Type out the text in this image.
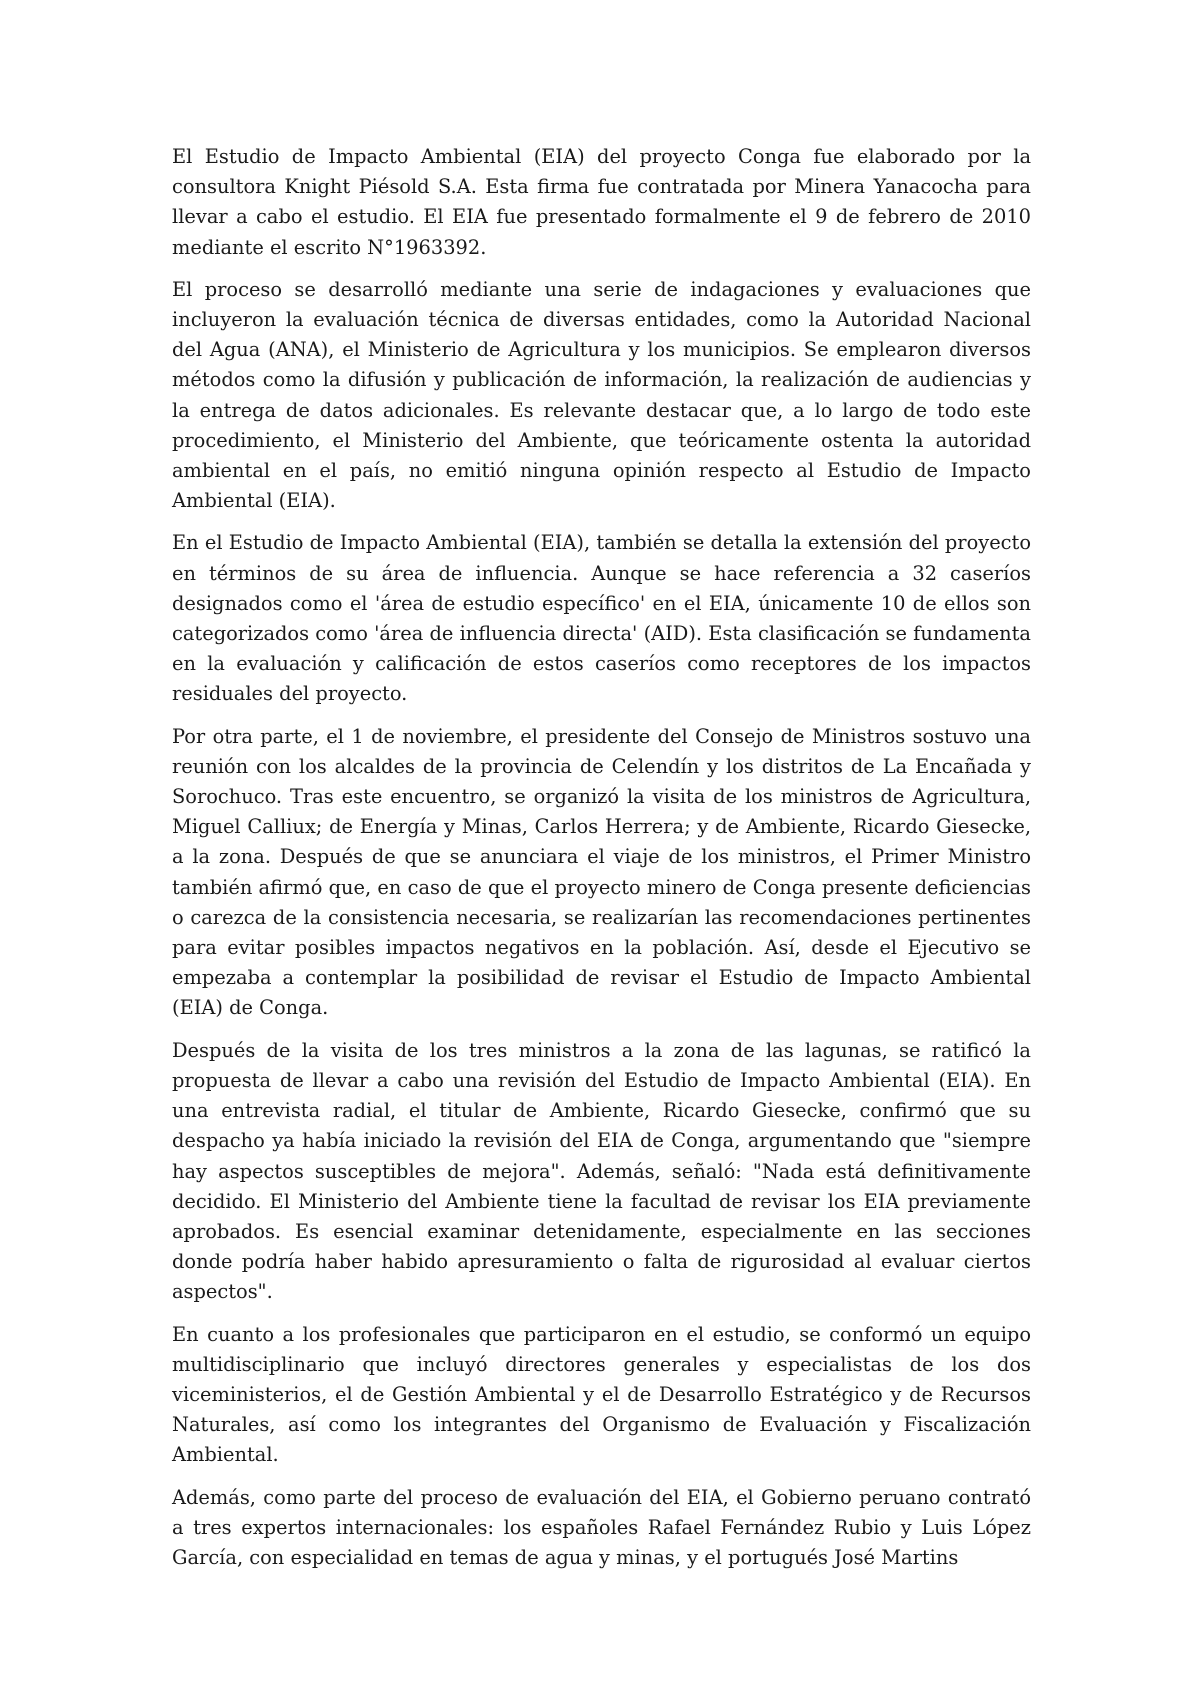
El Estudio de Impacto Ambiental (EIA) del proyecto Conga fue elaborado por la consultora Knight Piésold S.A. Esta firma fue contratada por Minera Yanacocha para llevar a cabo el estudio. El EIA fue presentado formalmente el 9 de febrero de 2010 mediante el escrito N°1963392.

El proceso se desarrolló mediante una serie de indagaciones y evaluaciones que incluyeron la evaluación técnica de diversas entidades, como la Autoridad Nacional del Agua (ANA), el Ministerio de Agricultura y los municipios. Se emplearon diversos métodos como la difusión y publicación de información, la realización de audiencias y la entrega de datos adicionales. Es relevante destacar que, a lo largo de todo este procedimiento, el Ministerio del Ambiente, que teóricamente ostenta la autoridad ambiental en el país, no emitió ninguna opinión respecto al Estudio de Impacto Ambiental (EIA).

En el Estudio de Impacto Ambiental (EIA), también se detalla la extensión del proyecto en términos de su área de influencia. Aunque se hace referencia a 32 caseríos designados como el 'área de estudio específico' en el EIA, únicamente 10 de ellos son categorizados como 'área de influencia directa' (AID). Esta clasificación se fundamenta en la evaluación y calificación de estos caseríos como receptores de los impactos residuales del proyecto.

Por otra parte, el 1 de noviembre, el presidente del Consejo de Ministros sostuvo una reunión con los alcaldes de la provincia de Celendín y los distritos de La Encañada y Sorochuco. Tras este encuentro, se organizó la visita de los ministros de Agricultura, Miguel Calliux; de Energía y Minas, Carlos Herrera; y de Ambiente, Ricardo Giesecke, a la zona. Después de que se anunciara el viaje de los ministros, el Primer Ministro también afirmó que, en caso de que el proyecto minero de Conga presente deficiencias o carezca de la consistencia necesaria, se realizarían las recomendaciones pertinentes para evitar posibles impactos negativos en la población. Así, desde el Ejecutivo se empezaba a contemplar la posibilidad de revisar el Estudio de Impacto Ambiental (EIA) de Conga.

Después de la visita de los tres ministros a la zona de las lagunas, se ratificó la propuesta de llevar a cabo una revisión del Estudio de Impacto Ambiental (EIA). En una entrevista radial, el titular de Ambiente, Ricardo Giesecke, confirmó que su despacho ya había iniciado la revisión del EIA de Conga, argumentando que "siempre hay aspectos susceptibles de mejora". Además, señaló: "Nada está definitivamente decidido. El Ministerio del Ambiente tiene la facultad de revisar los EIA previamente aprobados. Es esencial examinar detenidamente, especialmente en las secciones donde podría haber habido apresuramiento o falta de rigurosidad al evaluar ciertos aspectos".

En cuanto a los profesionales que participaron en el estudio, se conformó un equipo multidisciplinario que incluyó directores generales y especialistas de los dos viceministerios, el de Gestión Ambiental y el de Desarrollo Estratégico y de Recursos Naturales, así como los integrantes del Organismo de Evaluación y Fiscalización Ambiental.

Además, como parte del proceso de evaluación del EIA, el Gobierno peruano contrató a tres expertos internacionales: los españoles Rafael Fernández Rubio y Luis López García, con especialidad en temas de agua y minas, y el portugués José Martins
